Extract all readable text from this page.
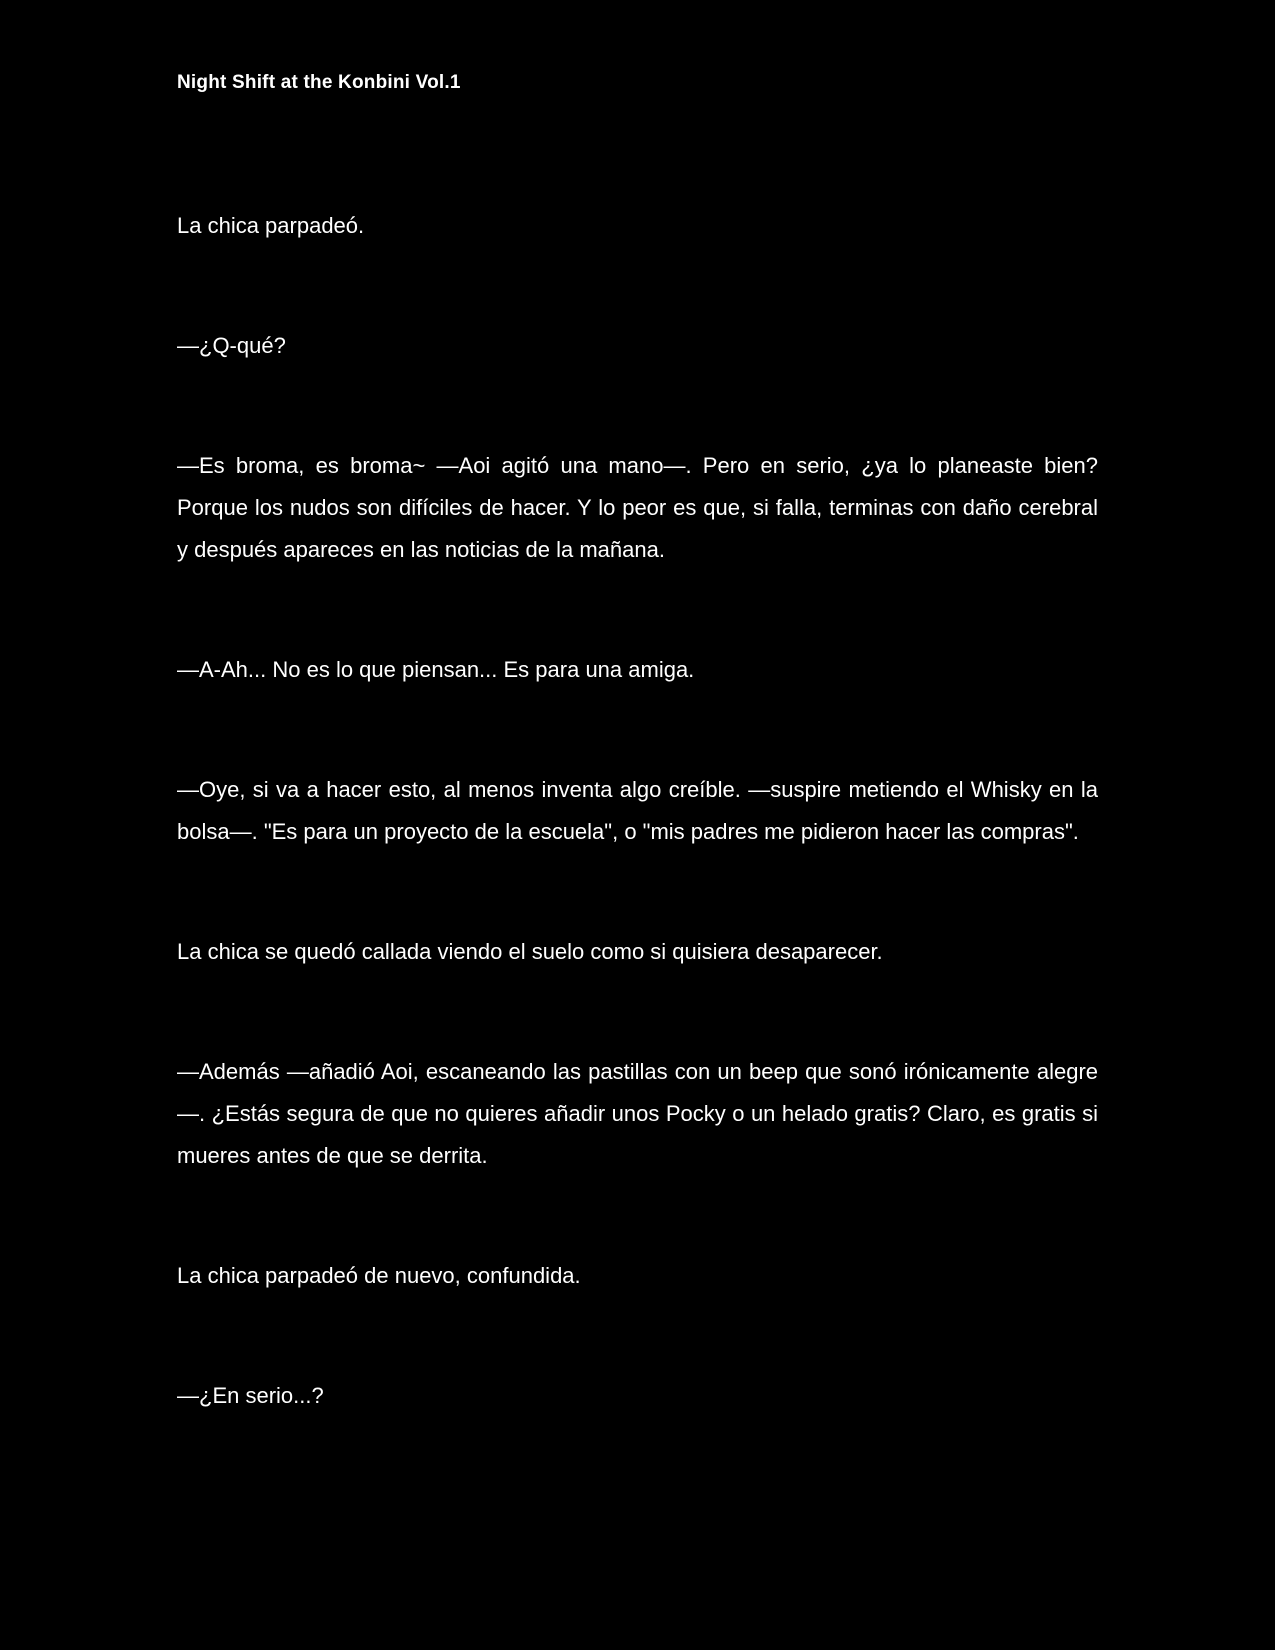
Night Shift at the Konbini Vol.1

La chica parpadeó.

—¿Q-qué?

—Es broma, es broma~ —Aoi agitó una mano—. Pero en serio, ¿ya lo planeaste bien? Porque los nudos son difíciles de hacer. Y lo peor es que, si falla, terminas con daño cerebral y después apareces en las noticias de la mañana.

—A-Ah... No es lo que piensan... Es para una amiga.

—Oye, si va a hacer esto, al menos inventa algo creíble. —suspire metiendo el Whisky en la bolsa—. "Es para un proyecto de la escuela", o "mis padres me pidieron hacer las compras".

La chica se quedó callada viendo el suelo como si quisiera desaparecer.

—Además —añadió Aoi, escaneando las pastillas con un beep que sonó irónicamente alegre—. ¿Estás segura de que no quieres añadir unos Pocky o un helado gratis? Claro, es gratis si mueres antes de que se derrita.

La chica parpadeó de nuevo, confundida.

—¿En serio...?
